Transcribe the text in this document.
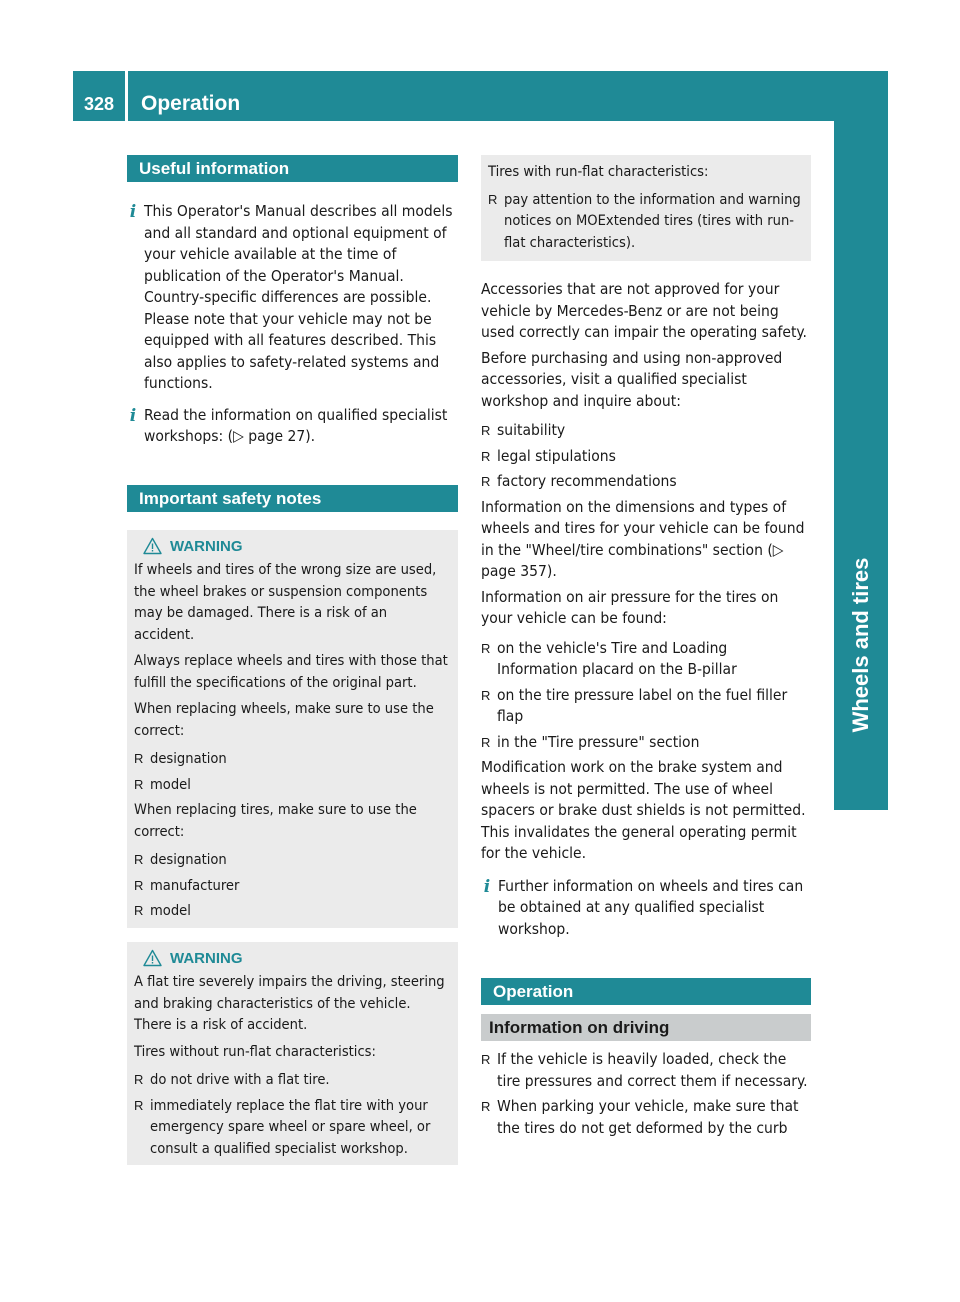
328	Operation
Wheels and tires
Useful information
i This Operator's Manual describes all models and all standard and optional equipment of your vehicle available at the time of publication of the Operator's Manual. Country-specific differences are possible. Please note that your vehicle may not be equipped with all features described. This also applies to safety-related systems and functions.
i Read the information on qualified specialist workshops: (▷ page 27).
Important safety notes
WARNING

If wheels and tires of the wrong size are used, the wheel brakes or suspension components may be damaged. There is a risk of an accident.

Always replace wheels and tires with those that fulfill the specifications of the original part.

When replacing wheels, make sure to use the correct:

R designation
R model

When replacing tires, make sure to use the correct:

R designation
R manufacturer
R model
WARNING

A flat tire severely impairs the driving, steering and braking characteristics of the vehicle. There is a risk of accident.

Tires without run-flat characteristics:

R do not drive with a flat tire.
R immediately replace the flat tire with your emergency spare wheel or spare wheel, or consult a qualified specialist workshop.

Tires with run-flat characteristics:

R pay attention to the information and warning notices on MOExtended tires (tires with run-flat characteristics).

Accessories that are not approved for your vehicle by Mercedes-Benz or are not being used correctly can impair the operating safety.

Before purchasing and using non-approved accessories, visit a qualified specialist workshop and inquire about:

R suitability
R legal stipulations
R factory recommendations

Information on the dimensions and types of wheels and tires for your vehicle can be found in the "Wheel/tire combinations" section (▷ page 357).

Information on air pressure for the tires on your vehicle can be found:

R on the vehicle's Tire and Loading Information placard on the B-pillar
R on the tire pressure label on the fuel filler flap
R in the "Tire pressure" section

Modification work on the brake system and wheels is not permitted. The use of wheel spacers or brake dust shields is not permitted. This invalidates the general operating permit for the vehicle.

i Further information on wheels and tires can be obtained at any qualified specialist workshop.
Operation
Information on driving
R If the vehicle is heavily loaded, check the tire pressures and correct them if necessary.
R When parking your vehicle, make sure that the tires do not get deformed by the curb
